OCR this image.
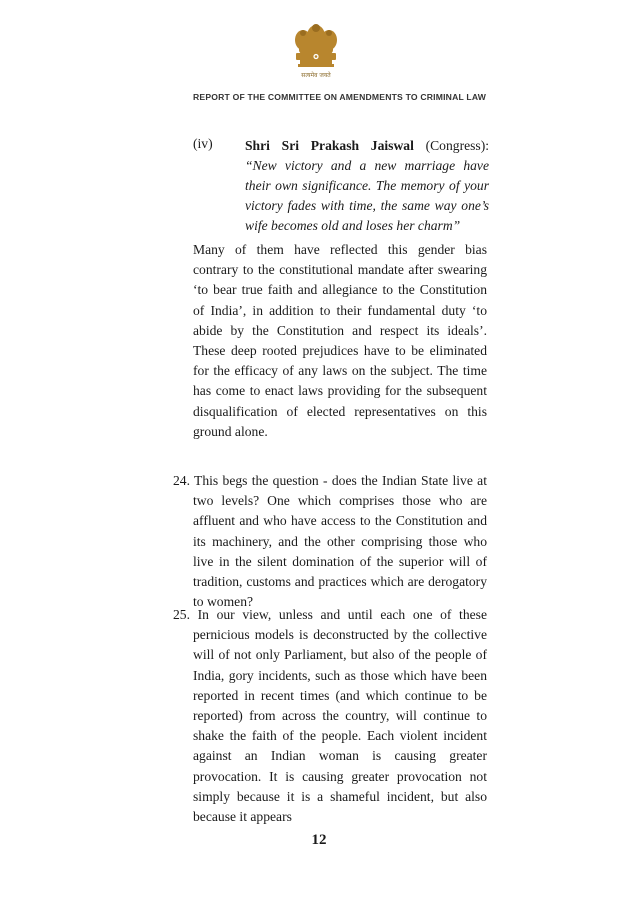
सत्यमेव जयते
REPORT OF THE COMMITTEE ON AMENDMENTS TO CRIMINAL LAW
(iv) Shri Sri Prakash Jaiswal (Congress): “New victory and a new marriage have their own significance. The memory of your victory fades with time, the same way one’s wife becomes old and loses her charm”
Many of them have reflected this gender bias contrary to the constitutional mandate after swearing ‘to bear true faith and allegiance to the Constitution of India’, in addition to their fundamental duty ‘to abide by the Constitution and respect its ideals’. These deep rooted prejudices have to be eliminated for the efficacy of any laws on the subject. The time has come to enact laws providing for the subsequent disqualification of elected representatives on this ground alone.
24. This begs the question - does the Indian State live at two levels? One which comprises those who are affluent and who have access to the Constitution and its machinery, and the other comprising those who live in the silent domination of the superior will of tradition, customs and practices which are derogatory to women?
25. In our view, unless and until each one of these pernicious models is deconstructed by the collective will of not only Parliament, but also of the people of India, gory incidents, such as those which have been reported in recent times (and which continue to be reported) from across the country, will continue to shake the faith of the people. Each violent incident against an Indian woman is causing greater provocation. It is causing greater provocation not simply because it is a shameful incident, but also because it appears
12
